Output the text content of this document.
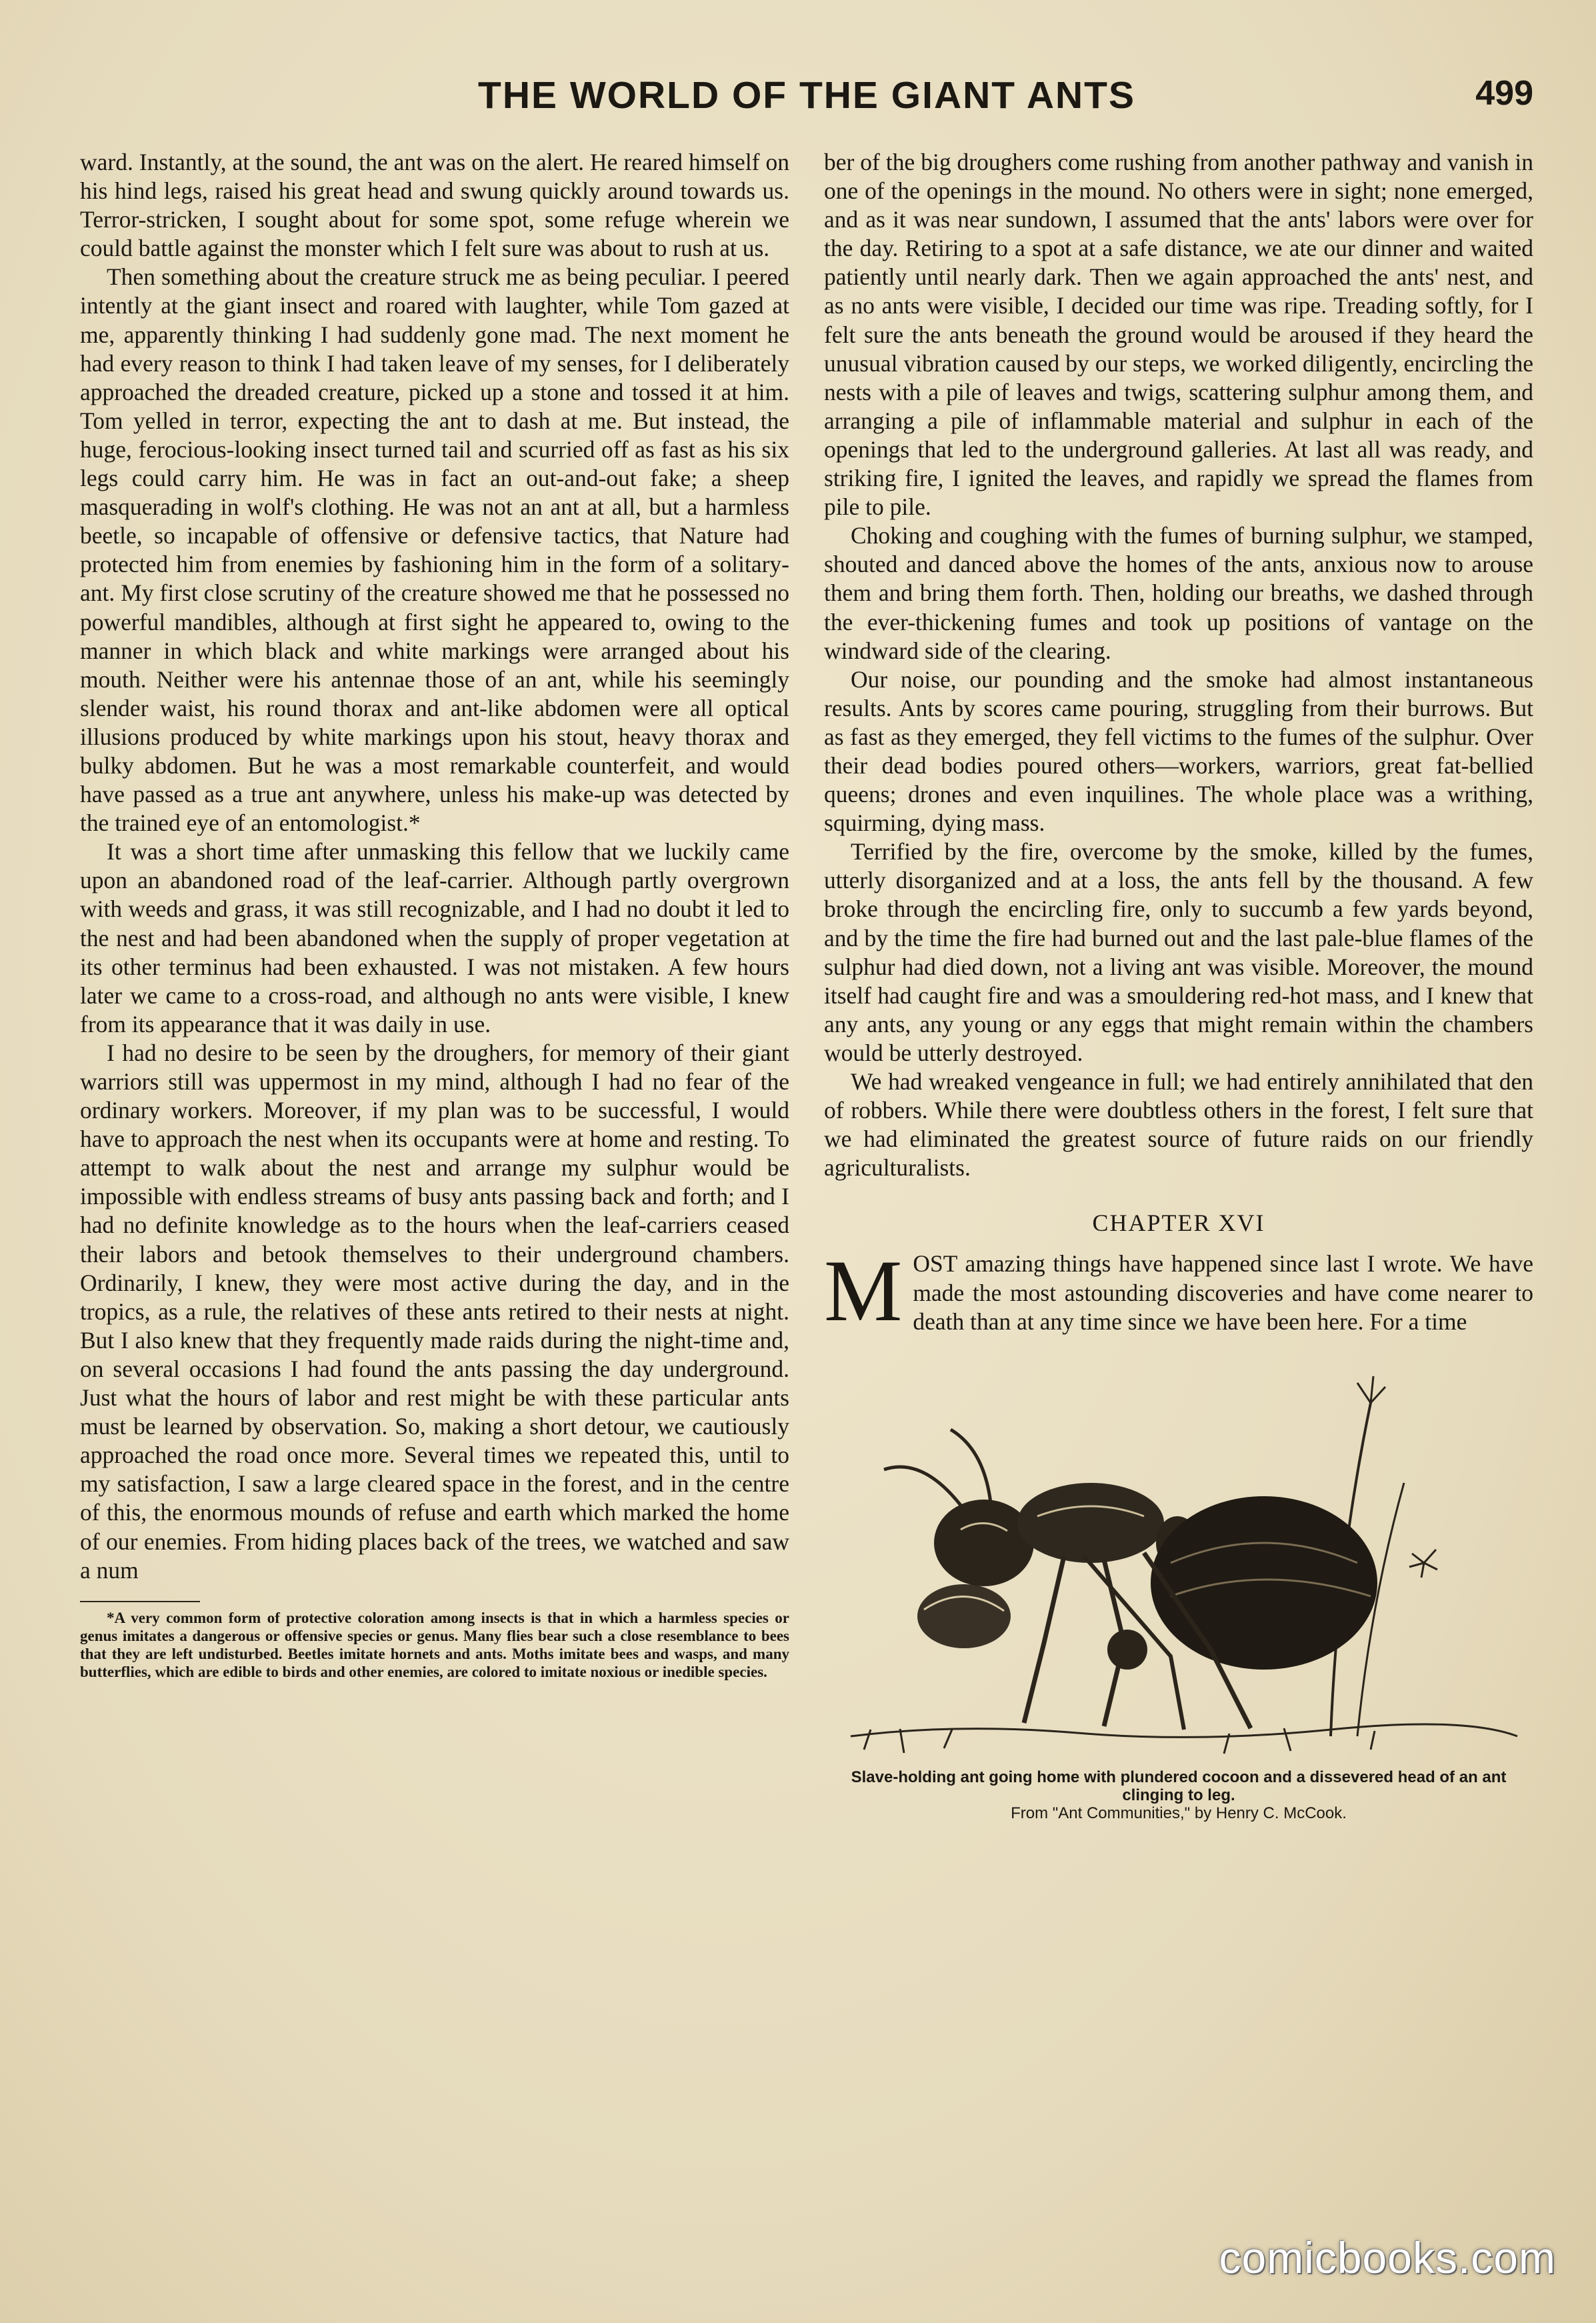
THE WORLD OF THE GIANT ANTS	499

ward. Instantly, at the sound, the ant was on the alert. He reared himself on his hind legs, raised his great head and swung quickly around towards us. Terror-stricken, I sought about for some spot, some refuge wherein we could battle against the monster which I felt sure was about to rush at us.

Then something about the creature struck me as being peculiar. I peered intently at the giant insect and roared with laughter, while Tom gazed at me, apparently thinking I had suddenly gone mad. The next moment he had every reason to think I had taken leave of my senses, for I deliberately approached the dreaded creature, picked up a stone and tossed it at him. Tom yelled in terror, expecting the ant to dash at me. But instead, the huge, ferocious-looking insect turned tail and scurried off as fast as his six legs could carry him. He was in fact an out-and-out fake; a sheep masquerading in wolf's clothing. He was not an ant at all, but a harmless beetle, so incapable of offensive or defensive tactics, that Nature had protected him from enemies by fashioning him in the form of a solitary-ant. My first close scrutiny of the creature showed me that he possessed no powerful mandibles, although at first sight he appeared to, owing to the manner in which black and white markings were arranged about his mouth. Neither were his antennae those of an ant, while his seemingly slender waist, his round thorax and ant-like abdomen were all optical illusions produced by white markings upon his stout, heavy thorax and bulky abdomen. But he was a most remarkable counterfeit, and would have passed as a true ant anywhere, unless his make-up was detected by the trained eye of an entomologist.*

It was a short time after unmasking this fellow that we luckily came upon an abandoned road of the leaf-carrier. Although partly overgrown with weeds and grass, it was still recognizable, and I had no doubt it led to the nest and had been abandoned when the supply of proper vegetation at its other terminus had been exhausted. I was not mistaken. A few hours later we came to a cross-road, and although no ants were visible, I knew from its appearance that it was daily in use.

I had no desire to be seen by the droughers, for memory of their giant warriors still was uppermost in my mind, although I had no fear of the ordinary workers. Moreover, if my plan was to be successful, I would have to approach the nest when its occupants were at home and resting. To attempt to walk about the nest and arrange my sulphur would be impossible with endless streams of busy ants passing back and forth; and I had no definite knowledge as to the hours when the leaf-carriers ceased their labors and betook themselves to their underground chambers. Ordinarily, I knew, they were most active during the day, and in the tropics, as a rule, the relatives of these ants retired to their nests at night. But I also knew that they frequently made raids during the night-time and, on several occasions I had found the ants passing the day underground. Just what the hours of labor and rest might be with these particular ants must be learned by observation. So, making a short detour, we cautiously approached the road once more. Several times we repeated this, until to my satisfaction, I saw a large cleared space in the forest, and in the centre of this, the enormous mounds of refuse and earth which marked the home of our enemies. From hiding places back of the trees, we watched and saw a num

*A very common form of protective coloration among insects is that in which a harmless species or genus imitates a dangerous or offensive species or genus. Many flies bear such a close resemblance to bees that they are left undisturbed. Beetles imitate hornets and ants. Moths imitate bees and wasps, and many butterflies, which are edible to birds and other enemies, are colored to imitate noxious or inedible species.

ber of the big droughers come rushing from another pathway and vanish in one of the openings in the mound. No others were in sight; none emerged, and as it was near sundown, I assumed that the ants' labors were over for the day. Retiring to a spot at a safe distance, we ate our dinner and waited patiently until nearly dark. Then we again approached the ants' nest, and as no ants were visible, I decided our time was ripe. Treading softly, for I felt sure the ants beneath the ground would be aroused if they heard the unusual vibration caused by our steps, we worked diligently, encircling the nests with a pile of leaves and twigs, scattering sulphur among them, and arranging a pile of inflammable material and sulphur in each of the openings that led to the underground galleries. At last all was ready, and striking fire, I ignited the leaves, and rapidly we spread the flames from pile to pile.

Choking and coughing with the fumes of burning sulphur, we stamped, shouted and danced above the homes of the ants, anxious now to arouse them and bring them forth. Then, holding our breaths, we dashed through the ever-thickening fumes and took up positions of vantage on the windward side of the clearing.

Our noise, our pounding and the smoke had almost instantaneous results. Ants by scores came pouring, struggling from their burrows. But as fast as they emerged, they fell victims to the fumes of the sulphur. Over their dead bodies poured others—workers, warriors, great fat-bellied queens; drones and even inquilines. The whole place was a writhing, squirming, dying mass.

Terrified by the fire, overcome by the smoke, killed by the fumes, utterly disorganized and at a loss, the ants fell by the thousand. A few broke through the encircling fire, only to succumb a few yards beyond, and by the time the fire had burned out and the last pale-blue flames of the sulphur had died down, not a living ant was visible. Moreover, the mound itself had caught fire and was a smouldering red-hot mass, and I knew that any ants, any young or any eggs that might remain within the chambers would be utterly destroyed.

We had wreaked vengeance in full; we had entirely annihilated that den of robbers. While there were doubtless others in the forest, I felt sure that we had eliminated the greatest source of future raids on our friendly agriculturalists.

CHAPTER XVI

MOST amazing things have happened since last I wrote. We have made the most astounding discoveries and have come nearer to death than at any time since we have been here. For a time

Slave-holding ant going home with plundered cocoon and a dissevered head of an ant clinging to leg.
From "Ant Communities," by Henry C. McCook.
comicbooks.com
